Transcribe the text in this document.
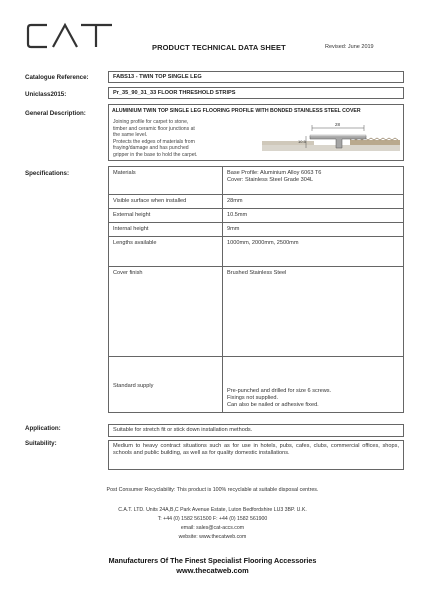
PRODUCT TECHNICAL DATA SHEET	Revised: June 2019
Catalogue Reference:	FABS13 - TWIN TOP SINGLE LEG
Uniclass2015:	Pr_35_90_31_33 FLOOR THRESHOLD STRIPS
General Description:	ALUMINIUM TWIN TOP SINGLE LEG FLOORING PROFILE WITH BONDED STAINLESS STEEL COVER
Joining profile for carpet to stone,
timber and ceramic floor junctions at
the same level.
Protects the edges of materials from
fraying/damage and has punched
gripper in the base to hold the carpet.
28
10.5
Specifications:	Materials	Base Profile: Aluminium Alloy 6063 T6
Cover: Stainless Steel Grade 304L

Visible surface when installed	28mm
External height	10.5mm
Internal height	9mm
Lengths available	1000mm, 2000mm, 2500mm
Cover finish	Brushed Stainless Steel
Standard supply	Pre-punched and drilled for size 6 screws.
Fixings not supplied.
Can also be nailed or adhesive fixed.
Application:	Suitable for stretch fit or stick down installation methods.
Suitability:	Medium to heavy contract situations such as for use in hotels, pubs, cafes, clubs, commercial offices, shops, schools and public building, as well as for quality domestic installations.
Post Consumer Recyclability: This product is 100% recyclable at suitable disposal centres.
C.A.T. LTD. Units 24A,B,C Park Avenue Estate, Luton Bedfordshire LU3 3BP. U.K.
T: +44 (0) 1582 561500 F: +44 (0) 1582 561900
email: sales@cat-accs.com
website: www.thecatweb.com
Manufacturers Of The Finest Specialist Flooring Accessories
www.thecatweb.com
